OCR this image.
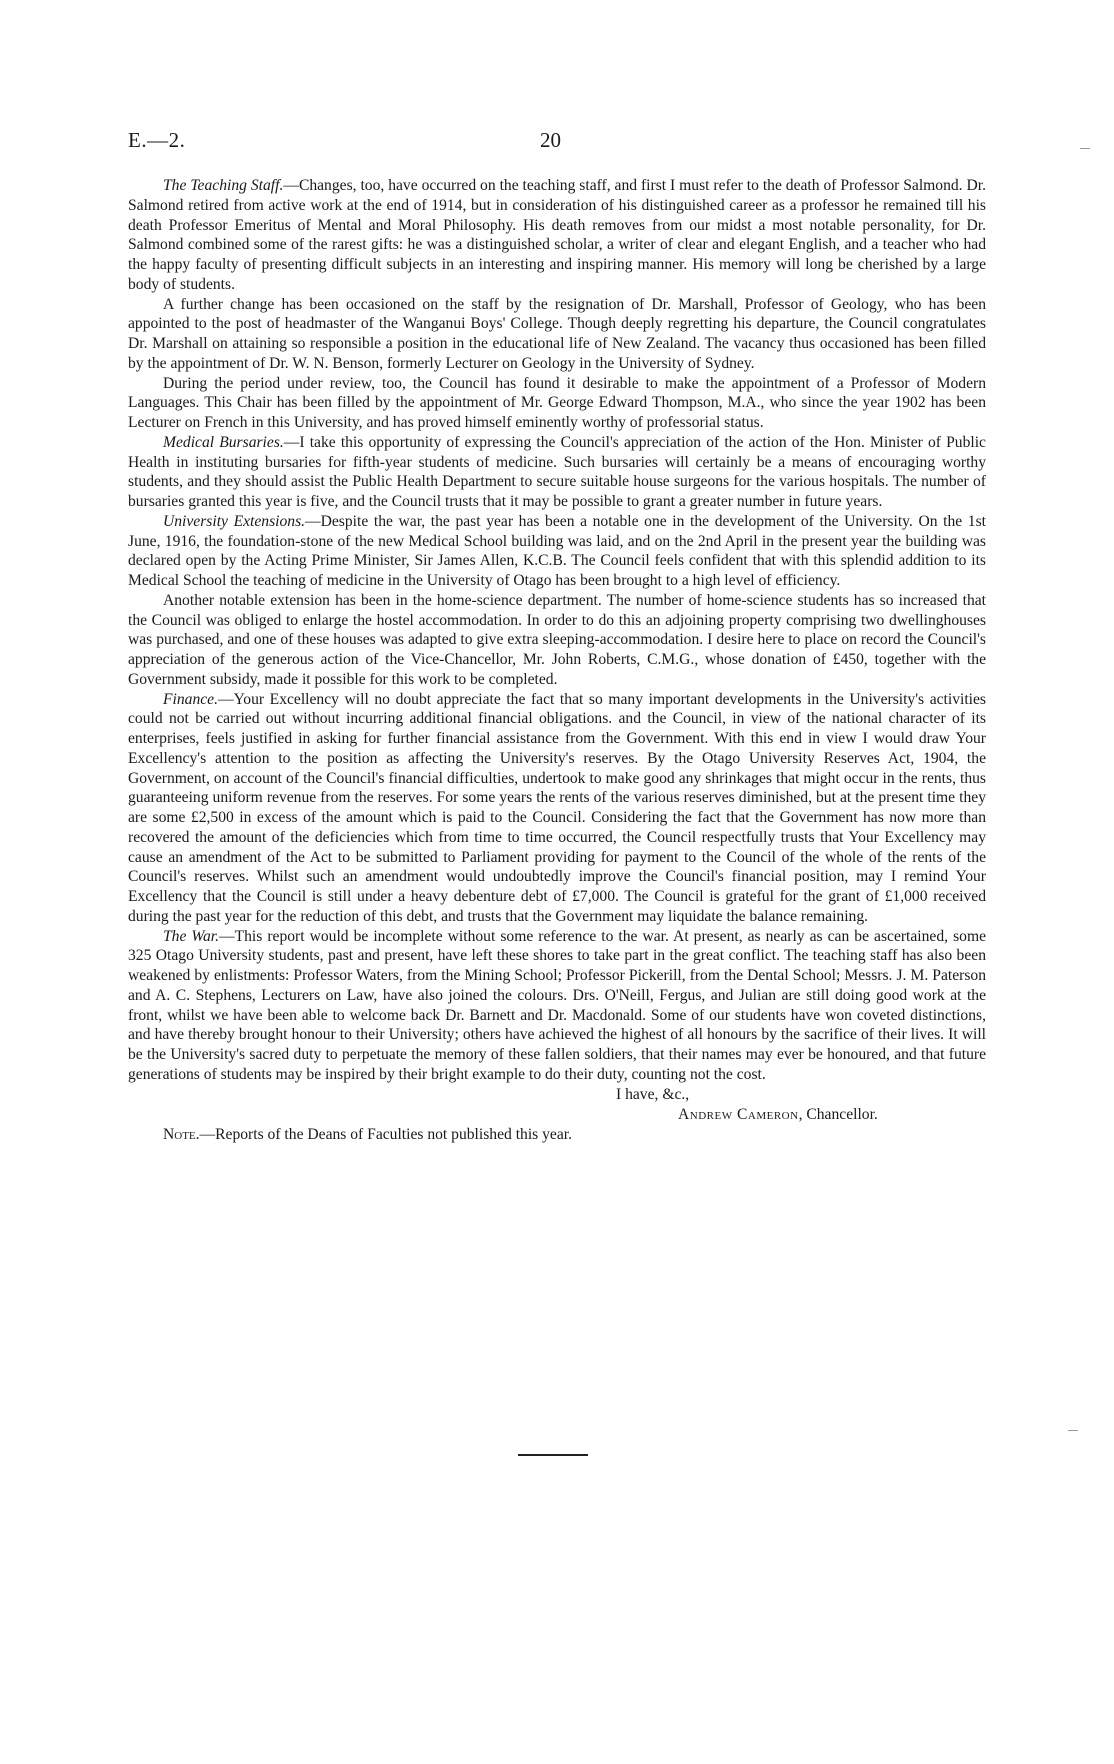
E.—2.	20

The Teaching Staff.—Changes, too, have occurred on the teaching staff, and first I must refer to the death of Professor Salmond. Dr. Salmond retired from active work at the end of 1914, but in consideration of his distinguished career as a professor he remained till his death Professor Emeritus of Mental and Moral Philosophy. His death removes from our midst a most notable personality, for Dr. Salmond combined some of the rarest gifts: he was a distinguished scholar, a writer of clear and elegant English, and a teacher who had the happy faculty of presenting difficult subjects in an interesting and inspiring manner. His memory will long be cherished by a large body of students.

A further change has been occasioned on the staff by the resignation of Dr. Marshall, Professor of Geology, who has been appointed to the post of headmaster of the Wanganui Boys' College. Though deeply regretting his departure, the Council congratulates Dr. Marshall on attaining so responsible a position in the educational life of New Zealand. The vacancy thus occasioned has been filled by the appointment of Dr. W. N. Benson, formerly Lecturer on Geology in the University of Sydney.

During the period under review, too, the Council has found it desirable to make the appointment of a Professor of Modern Languages. This Chair has been filled by the appointment of Mr. George Edward Thompson, M.A., who since the year 1902 has been Lecturer on French in this University, and has proved himself eminently worthy of professorial status.

Medical Bursaries.—I take this opportunity of expressing the Council's appreciation of the action of the Hon. Minister of Public Health in instituting bursaries for fifth-year students of medicine. Such bursaries will certainly be a means of encouraging worthy students, and they should assist the Public Health Department to secure suitable house surgeons for the various hospitals. The number of bursaries granted this year is five, and the Council trusts that it may be possible to grant a greater number in future years.

University Extensions.—Despite the war, the past year has been a notable one in the development of the University. On the 1st June, 1916, the foundation-stone of the new Medical School building was laid, and on the 2nd April in the present year the building was declared open by the Acting Prime Minister, Sir James Allen, K.C.B. The Council feels confident that with this splendid addition to its Medical School the teaching of medicine in the University of Otago has been brought to a high level of efficiency.

Another notable extension has been in the home-science department. The number of home-science students has so increased that the Council was obliged to enlarge the hostel accommodation. In order to do this an adjoining property comprising two dwellinghouses was purchased, and one of these houses was adapted to give extra sleeping-accommodation. I desire here to place on record the Council's appreciation of the generous action of the Vice-Chancellor, Mr. John Roberts, C.M.G., whose donation of £450, together with the Government subsidy, made it possible for this work to be completed.

Finance.—Your Excellency will no doubt appreciate the fact that so many important developments in the University's activities could not be carried out without incurring additional financial obligations. and the Council, in view of the national character of its enterprises, feels justified in asking for further financial assistance from the Government. With this end in view I would draw Your Excellency's attention to the position as affecting the University's reserves. By the Otago University Reserves Act, 1904, the Government, on account of the Council's financial difficulties, undertook to make good any shrinkages that might occur in the rents, thus guaranteeing uniform revenue from the reserves. For some years the rents of the various reserves diminished, but at the present time they are some £2,500 in excess of the amount which is paid to the Council. Considering the fact that the Government has now more than recovered the amount of the deficiencies which from time to time occurred, the Council respectfully trusts that Your Excellency may cause an amendment of the Act to be submitted to Parliament providing for payment to the Council of the whole of the rents of the Council's reserves. Whilst such an amendment would undoubtedly improve the Council's financial position, may I remind Your Excellency that the Council is still under a heavy debenture debt of £7,000. The Council is grateful for the grant of £1,000 received during the past year for the reduction of this debt, and trusts that the Government may liquidate the balance remaining.

The War.—This report would be incomplete without some reference to the war. At present, as nearly as can be ascertained, some 325 Otago University students, past and present, have left these shores to take part in the great conflict. The teaching staff has also been weakened by enlistments: Professor Waters, from the Mining School; Professor Pickerill, from the Dental School; Messrs. J. M. Paterson and A. C. Stephens, Lecturers on Law, have also joined the colours. Drs. O'Neill, Fergus, and Julian are still doing good work at the front, whilst we have been able to welcome back Dr. Barnett and Dr. Macdonald. Some of our students have won coveted distinctions, and have thereby brought honour to their University; others have achieved the highest of all honours by the sacrifice of their lives. It will be the University's sacred duty to perpetuate the memory of these fallen soldiers, that their names may ever be honoured, and that future generations of students may be inspired by their bright example to do their duty, counting not the cost.

I have, &c.,
Andrew Cameron, Chancellor.

Note.—Reports of the Deans of Faculties not published this year.
